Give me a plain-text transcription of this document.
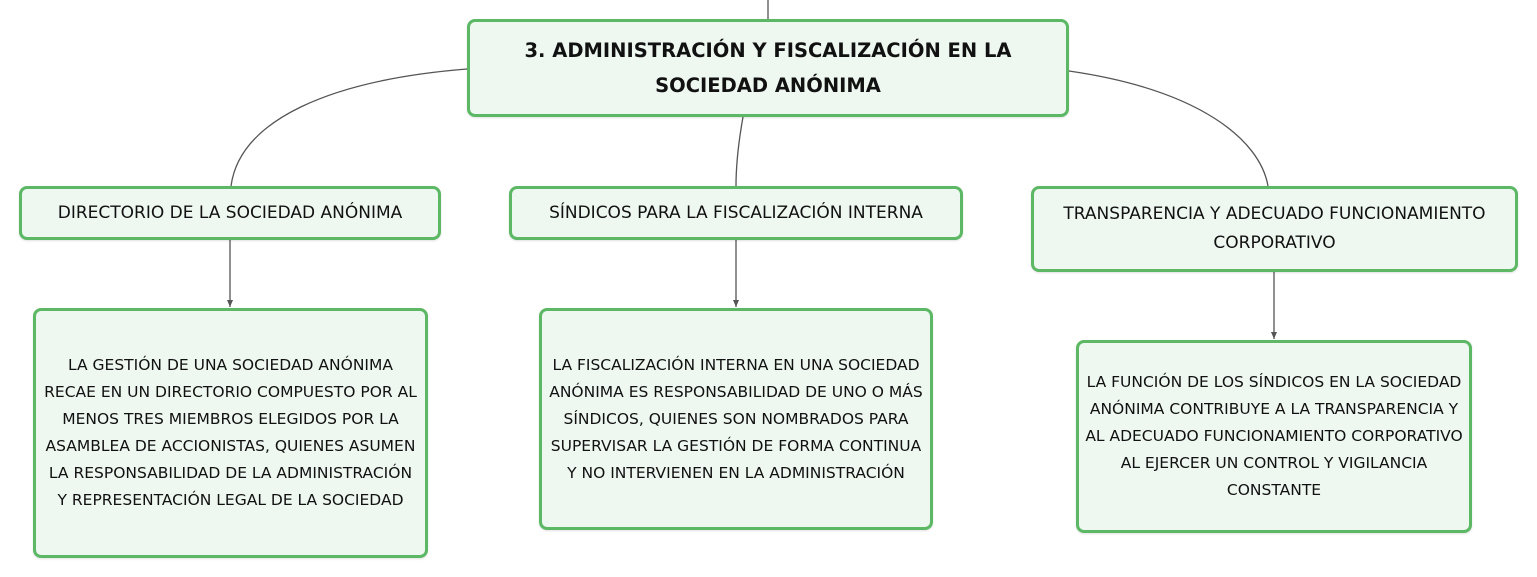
3. ADMINISTRACIÓN Y FISCALIZACIÓN EN LA SOCIEDAD ANÓNIMA
DIRECTORIO DE LA SOCIEDAD ANÓNIMA	SÍNDICOS PARA LA FISCALIZACIÓN INTERNA	TRANSPARENCIA Y ADECUADO FUNCIONAMIENTO CORPORATIVO
LA GESTIÓN DE UNA SOCIEDAD ANÓNIMA RECAE EN UN DIRECTORIO COMPUESTO POR AL MENOS TRES MIEMBROS ELEGIDOS POR LA ASAMBLEA DE ACCIONISTAS, QUIENES ASUMEN LA RESPONSABILIDAD DE LA ADMINISTRACIÓN Y REPRESENTACIÓN LEGAL DE LA SOCIEDAD
LA FISCALIZACIÓN INTERNA EN UNA SOCIEDAD ANÓNIMA ES RESPONSABILIDAD DE UNO O MÁS SÍNDICOS, QUIENES SON NOMBRADOS PARA SUPERVISAR LA GESTIÓN DE FORMA CONTINUA Y NO INTERVIENEN EN LA ADMINISTRACIÓN
LA FUNCIÓN DE LOS SÍNDICOS EN LA SOCIEDAD ANÓNIMA CONTRIBUYE A LA TRANSPARENCIA Y AL ADECUADO FUNCIONAMIENTO CORPORATIVO AL EJERCER UN CONTROL Y VIGILANCIA CONSTANTE
